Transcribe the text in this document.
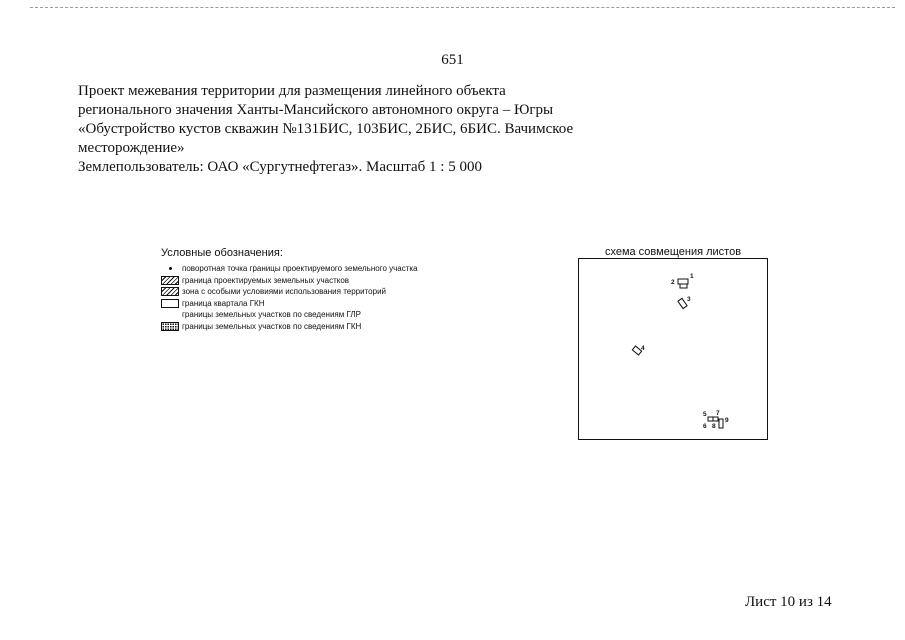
651
Проект межевания территории для размещения линейного объекта
регионального значения Ханты-Мансийского автономного округа – Югры
«Обустройство кустов скважин №131БИС, 103БИС, 2БИС, 6БИС. Вачимское
месторождение»
Землепользователь: ОАО «Сургутнефтегаз». Масштаб 1 : 5 000
Условные обозначения:
поворотная точка границы проектируемого земельного участка
граница проектируемых земельных участков
зона с особыми условиями использования территорий
граница квартала ГКН
границы земельных участков по сведениям ГЛР
границы земельных участков по сведениям ГКН
схема совмещения листов
1
2
3
4
5
6
7
8
9
Лист 10 из 14
